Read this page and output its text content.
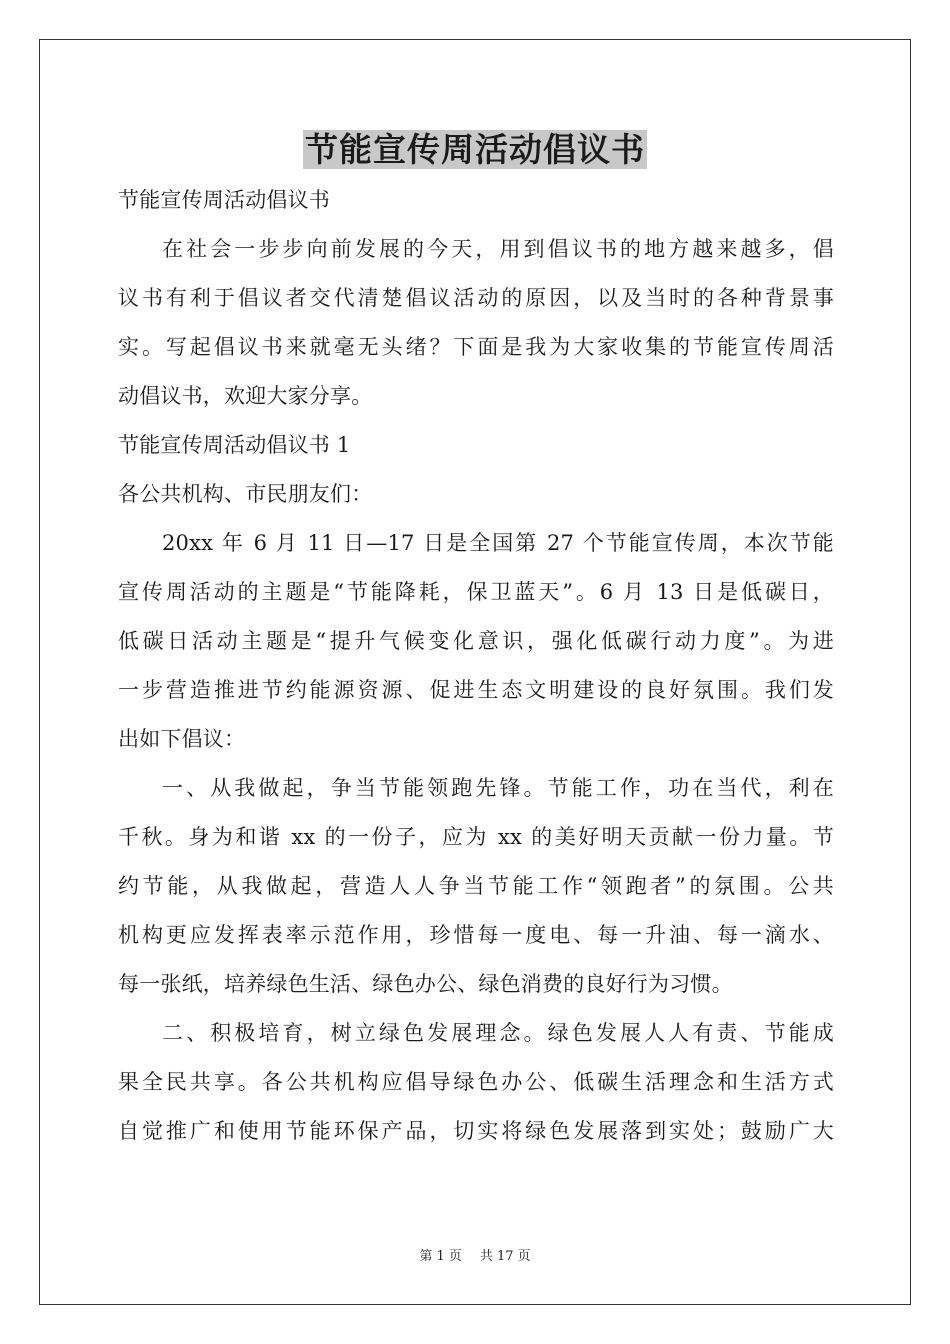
节能宣传周活动倡议书
节能宣传周活动倡议书
在社会一步步向前发展的今天，用到倡议书的地方越来越多，倡
议书有利于倡议者交代清楚倡议活动的原因，以及当时的各种背景事
实。写起倡议书来就毫无头绪？下面是我为大家收集的节能宣传周活
动倡议书，欢迎大家分享。
节能宣传周活动倡议书 1
各公共机构、市民朋友们：
20xx 年 6 月 11 日—17 日是全国第 27 个节能宣传周，本次节能
宣传周活动的主题是“节能降耗，保卫蓝天”。6 月 13 日是低碳日，
低碳日活动主题是“提升气候变化意识，强化低碳行动力度”。为进
一步营造推进节约能源资源、促进生态文明建设的良好氛围。我们发
出如下倡议：
一、从我做起，争当节能领跑先锋。节能工作，功在当代，利在
千秋。身为和谐 xx 的一份子，应为 xx 的美好明天贡献一份力量。节
约节能，从我做起，营造人人争当节能工作“领跑者”的氛围。公共
机构更应发挥表率示范作用，珍惜每一度电、每一升油、每一滴水、
每一张纸，培养绿色生活、绿色办公、绿色消费的良好行为习惯。
二、积极培育，树立绿色发展理念。绿色发展人人有责、节能成
果全民共享。各公共机构应倡导绿色办公、低碳生活理念和生活方式
自觉推广和使用节能环保产品，切实将绿色发展落到实处；鼓励广大
第 1 页 共 17 页
